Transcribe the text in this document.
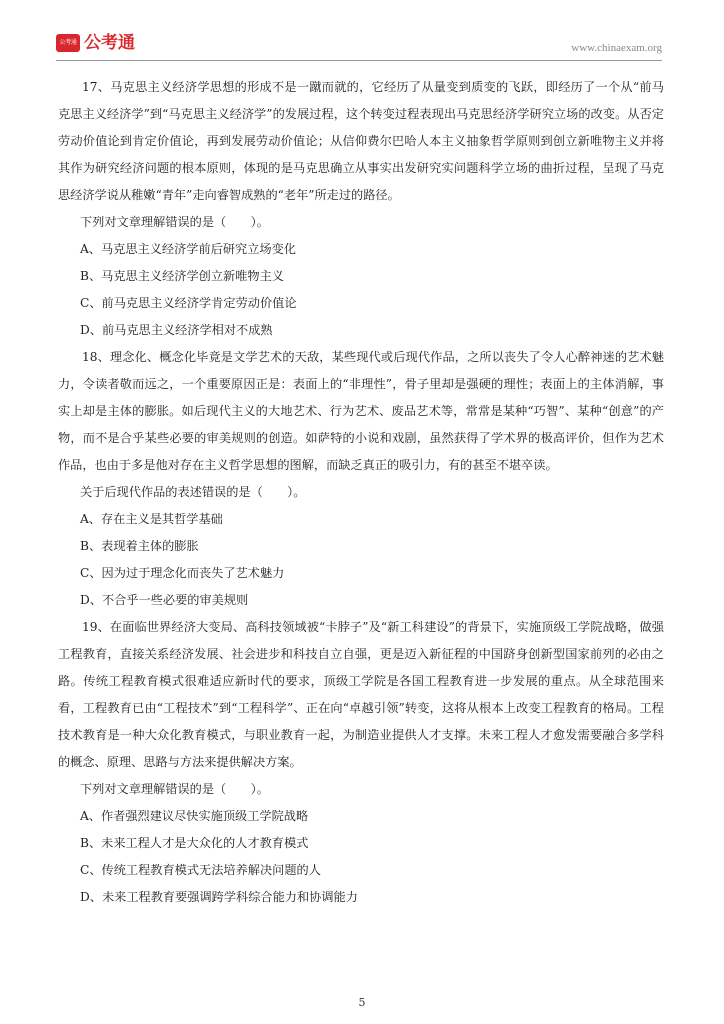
公考通 公考通	www.chinaexam.org

17、马克思主义经济学思想的形成不是一蹴而就的，它经历了从量变到质变的飞跃，即经历了一个从“前马克思主义经济学”到“马克思主义经济学”的发展过程，这个转变过程表现出马克思经济学研究立场的改变。从否定劳动价值论到肯定价值论，再到发展劳动价值论；从信仰费尔巴哈人本主义抽象哲学原则到创立新唯物主义并将其作为研究经济问题的根本原则，体现的是马克思确立从事实出发研究实问题科学立场的曲折过程，呈现了马克思经济学说从稚嫩“青年”走向睿智成熟的“老年”所走过的路径。

下列对文章理解错误的是（　　）。

A、马克思主义经济学前后研究立场变化

B、马克思主义经济学创立新唯物主义

C、前马克思主义经济学肯定劳动价值论

D、前马克思主义经济学相对不成熟

18、理念化、概念化毕竟是文学艺术的天敌，某些现代或后现代作品，之所以丧失了令人心醉神迷的艺术魅力，令读者敬而远之，一个重要原因正是：表面上的“非理性”，骨子里却是强硬的理性；表面上的主体消解，事实上却是主体的膨胀。如后现代主义的大地艺术、行为艺术、废品艺术等，常常是某种“巧智”、某种“创意”的产物，而不是合乎某些必要的审美规则的创造。如萨特的小说和戏剧，虽然获得了学术界的极高评价，但作为艺术作品，也由于多是他对存在主义哲学思想的图解，而缺乏真正的吸引力，有的甚至不堪卒读。

关于后现代作品的表述错误的是（　　）。

A、存在主义是其哲学基础

B、表现着主体的膨胀

C、因为过于理念化而丧失了艺术魅力

D、不合乎一些必要的审美规则

19、在面临世界经济大变局、高科技领域被“卡脖子”及“新工科建设”的背景下，实施顶级工学院战略，做强工程教育，直接关系经济发展、社会进步和科技自立自强，更是迈入新征程的中国跻身创新型国家前列的必由之路。传统工程教育模式很难适应新时代的要求，顶级工学院是各国工程教育进一步发展的重点。从全球范围来看，工程教育已由“工程技术”到“工程科学”、正在向“卓越引领”转变，这将从根本上改变工程教育的格局。工程技术教育是一种大众化教育模式，与职业教育一起，为制造业提供人才支撑。未来工程人才愈发需要融合多学科的概念、原理、思路与方法来提供解决方案。

下列对文章理解错误的是（　　）。

A、作者强烈建议尽快实施顶级工学院战略

B、未来工程人才是大众化的人才教育模式

C、传统工程教育模式无法培养解决问题的人

D、未来工程教育要强调跨学科综合能力和协调能力

5
